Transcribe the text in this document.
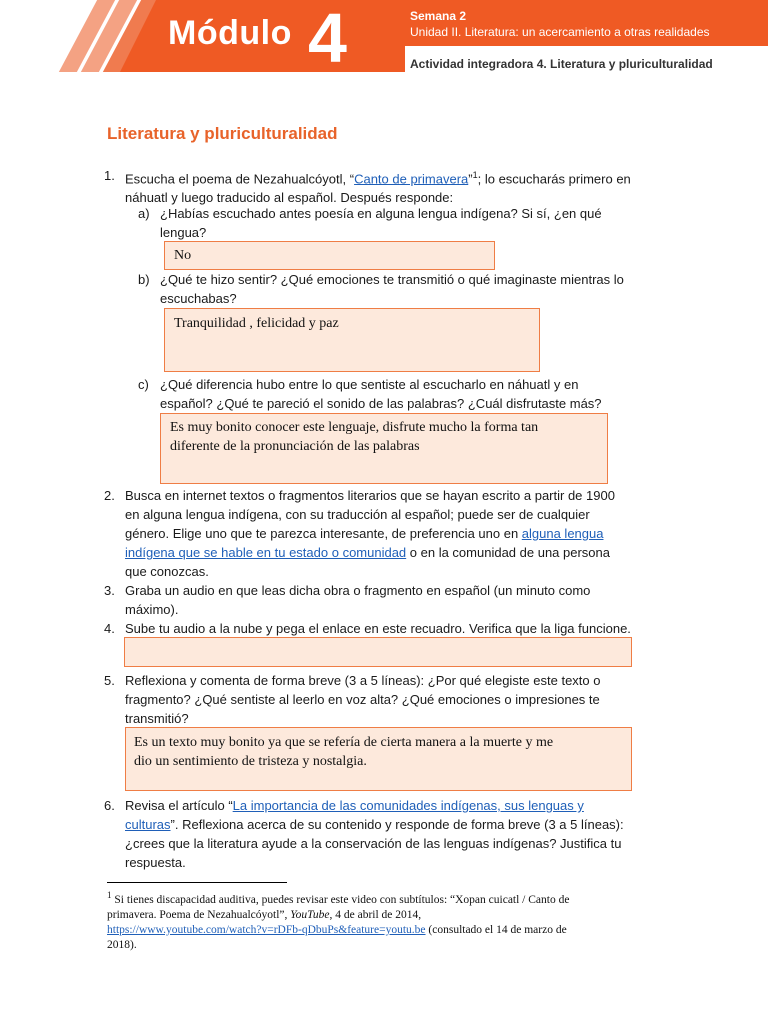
Módulo 4	Semana 2
Unidad II. Literatura: un acercamiento a otras realidades
Actividad integradora 4. Literatura y pluriculturalidad
Literatura y pluriculturalidad
1. Escucha el poema de Nezahualcóyotl, “Canto de primavera”$^1$; lo escucharás primero en
náhuatl y luego traducido al español. Después responde:
a) ¿Habías escuchado antes poesía en alguna lengua indígena? Si sí, ¿en qué
lengua?
No
b) ¿Qué te hizo sentir? ¿Qué emociones te transmitió o qué imaginaste mientras lo
escuchabas?
Tranquilidad , felicidad y paz
c) ¿Qué diferencia hubo entre lo que sentiste al escucharlo en náhuatl y en
español? ¿Qué te pareció el sonido de las palabras? ¿Cuál disfrutaste más?
Es muy bonito conocer este lenguaje, disfrute mucho la forma tan
diferente de la pronunciación de las palabras
2. Busca en internet textos o fragmentos literarios que se hayan escrito a partir de 1900
en alguna lengua indígena, con su traducción al español; puede ser de cualquier
género. Elige uno que te parezca interesante, de preferencia uno en alguna lengua
indígena que se hable en tu estado o comunidad o en la comunidad de una persona
que conozcas.
3. Graba un audio en que leas dicha obra o fragmento en español (un minuto como
máximo).
4. Sube tu audio a la nube y pega el enlace en este recuadro. Verifica que la liga funcione.
5. Reflexiona y comenta de forma breve (3 a 5 líneas): ¿Por qué elegiste este texto o
fragmento? ¿Qué sentiste al leerlo en voz alta? ¿Qué emociones o impresiones te
transmitió?
Es un texto muy bonito ya que se refería de cierta manera a la muerte y me
dio un sentimiento de tristeza y nostalgia.
6. Revisa el artículo “La importancia de las comunidades indígenas, sus lenguas y
culturas”. Reflexiona acerca de su contenido y responde de forma breve (3 a 5 líneas):
¿crees que la literatura ayude a la conservación de las lenguas indígenas? Justifica tu
respuesta.
$^1$ Si tienes discapacidad auditiva, puedes revisar este video con subtítulos: “Xopan cuicatl / Canto de
primavera. Poema de Nezahualcóyotl”, YouTube, 4 de abril de 2014,
https://www.youtube.com/watch?v=rDFb-qDbuPs&feature=youtu.be (consultado el 14 de marzo de
2018).
